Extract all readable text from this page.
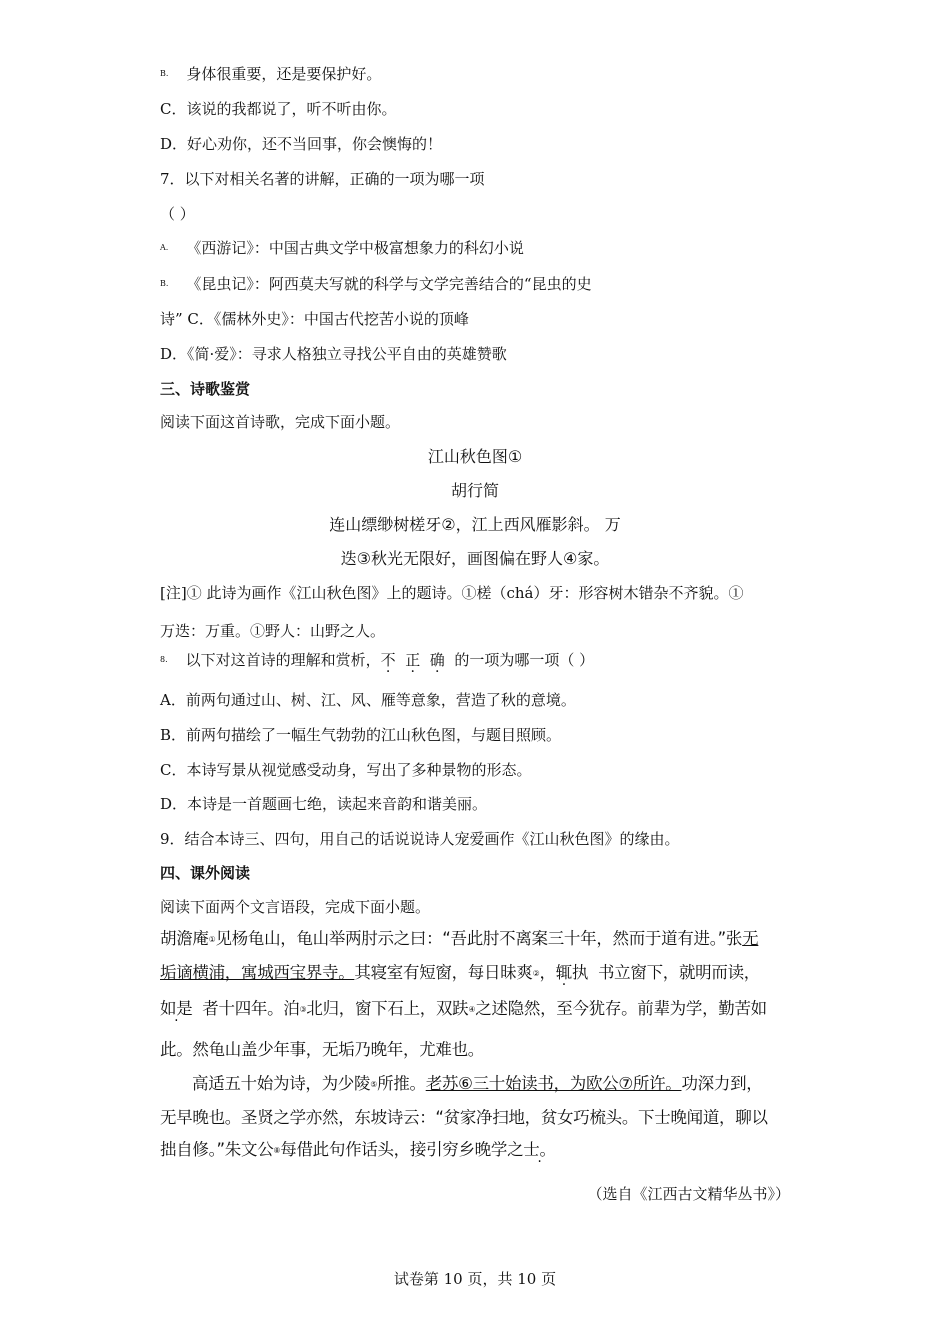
$^{B.}$ 身体很重要，还是要保护好。
C．该说的我都说了，听不听由你。
D．好心劝你，还不当回事，你会懊悔的！
7．以下对相关名著的讲解，正确的一项为哪一项
（ ）
$^{A.}$ 《西游记》：中国古典文学中极富想象力的科幻小说
$^{B.}$ 《昆虫记》：阿西莫夫写就的科学与文学完善结合的“昆虫的史
诗” C．《儒林外史》：中国古代挖苦小说的顶峰
D．《简·爱》：寻求人格独立寻找公平自由的英雄赞歌
三、诗歌鉴赏
阅读下面这首诗歌，完成下面小题。
江山秋色图①
胡行简
连山缥缈树槎牙②，江上西风雁影斜。 万
迭③秋光无限好，画图偏在野人④家。
[注]① 此诗为画作《江山秋色图》上的题诗。①槎（chá）牙：形容树木错杂不齐貌。①
万迭：万重。①野人：山野之人。
$^{8.}$ 以下对这首诗的理解和赏析，不 正 确 的一项为哪一项（ ）
A．前两句通过山、树、江、风、雁等意象，营造了秋的意境。
B．前两句描绘了一幅生气勃勃的江山秋色图，与题目照顾。
C．本诗写景从视觉感受动身，写出了多种景物的形态。
D．本诗是一首题画七绝，读起来音韵和谐美丽。
9．结合本诗三、四句，用自己的话说说诗人宠爱画作《江山秋色图》的缘由。
四、课外阅读
阅读下面两个文言语段，完成下面小题。
胡澹庵①见杨龟山，龟山举两肘示之曰：“吾此肘不离案三十年，然而于道有进。”张无
垢谪横浦，寓城西宝界寺。其寝室有短窗，每日昧爽②，辄执 . 书立窗下，就明而读，
如是 者十四年。泊③北归，窗下石上，双趺④之述隐然，至今犹存。前辈为学，勤苦如
此。然龟山盖少年事，无垢乃晚年，尤难也。
高适五十始为诗，为少陵⑤所推。老苏⑥三十始读书，为欧公⑦所许。功深力到，
无早晚也。圣贤之学亦然，东坡诗云：“贫家净扫地，贫女巧梳头。下士晚闻道，聊以
拙自修。”朱文公⑧每借此句作话头，接引穷乡晚学之士。 .
（选自《江西古文精华丛书》）
试卷第 10 页，共 10 页
